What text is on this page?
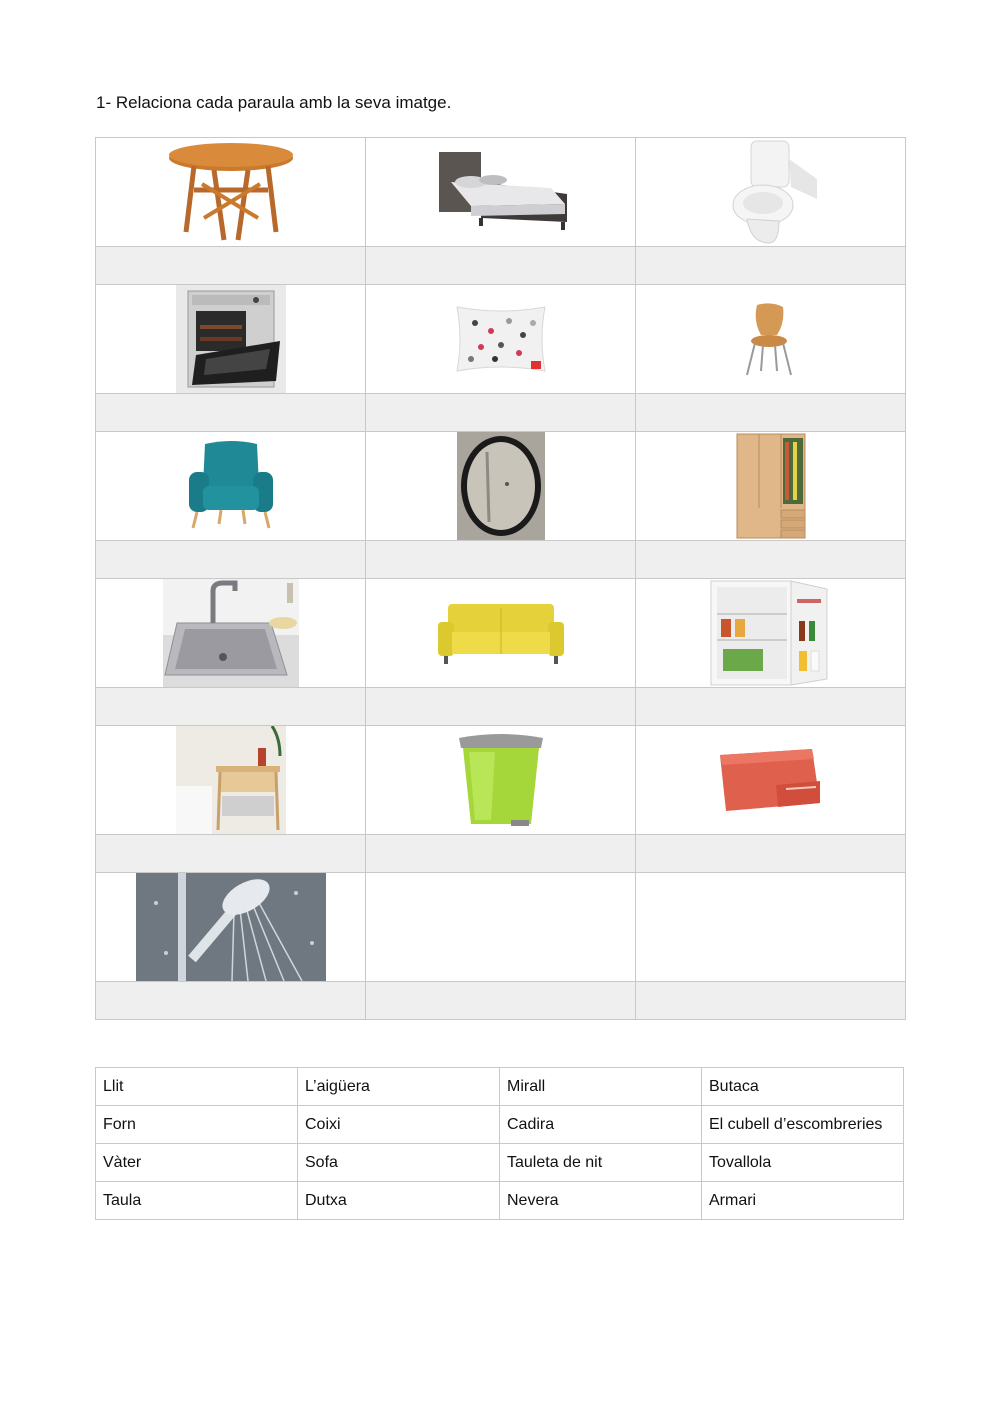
1- Relaciona cada paraula amb la seva imatge.

Llit	L’aigüera	Mirall	Butaca
Forn	Coixi	Cadira	El cubell d’escombreries
Vàter	Sofa	Tauleta de nit	Tovallola
Taula	Dutxa	Nevera	Armari
